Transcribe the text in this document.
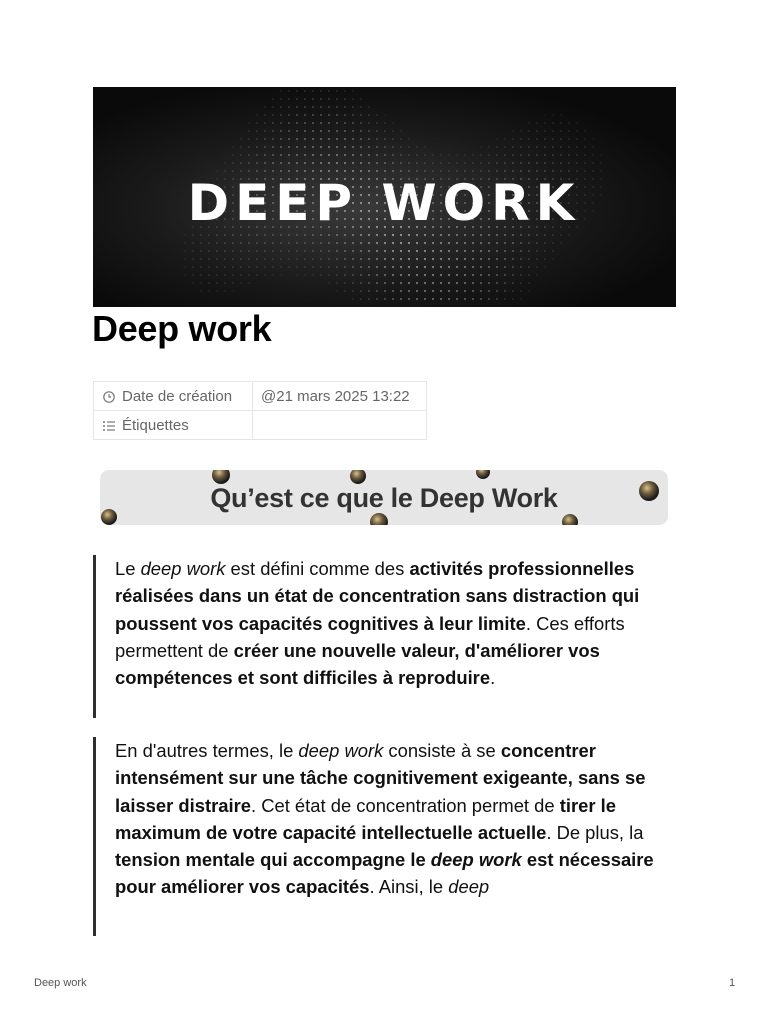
DEEP WORK
Deep work
Date de création	@21 mars 2025 13:22
Étiquettes	
Qu’est ce que le Deep Work

Le deep work est défini comme des activités professionnelles réalisées dans un état de concentration sans distraction qui poussent vos capacités cognitives à leur limite. Ces efforts permettent de créer une nouvelle valeur, d'améliorer vos compétences et sont difficiles à reproduire.

En d'autres termes, le deep work consiste à se concentrer intensément sur une tâche cognitivement exigeante, sans se laisser distraire. Cet état de concentration permet de tirer le maximum de votre capacité intellectuelle actuelle. De plus, la tension mentale qui accompagne le deep work est nécessaire pour améliorer vos capacités. Ainsi, le deep

Deep work	1
